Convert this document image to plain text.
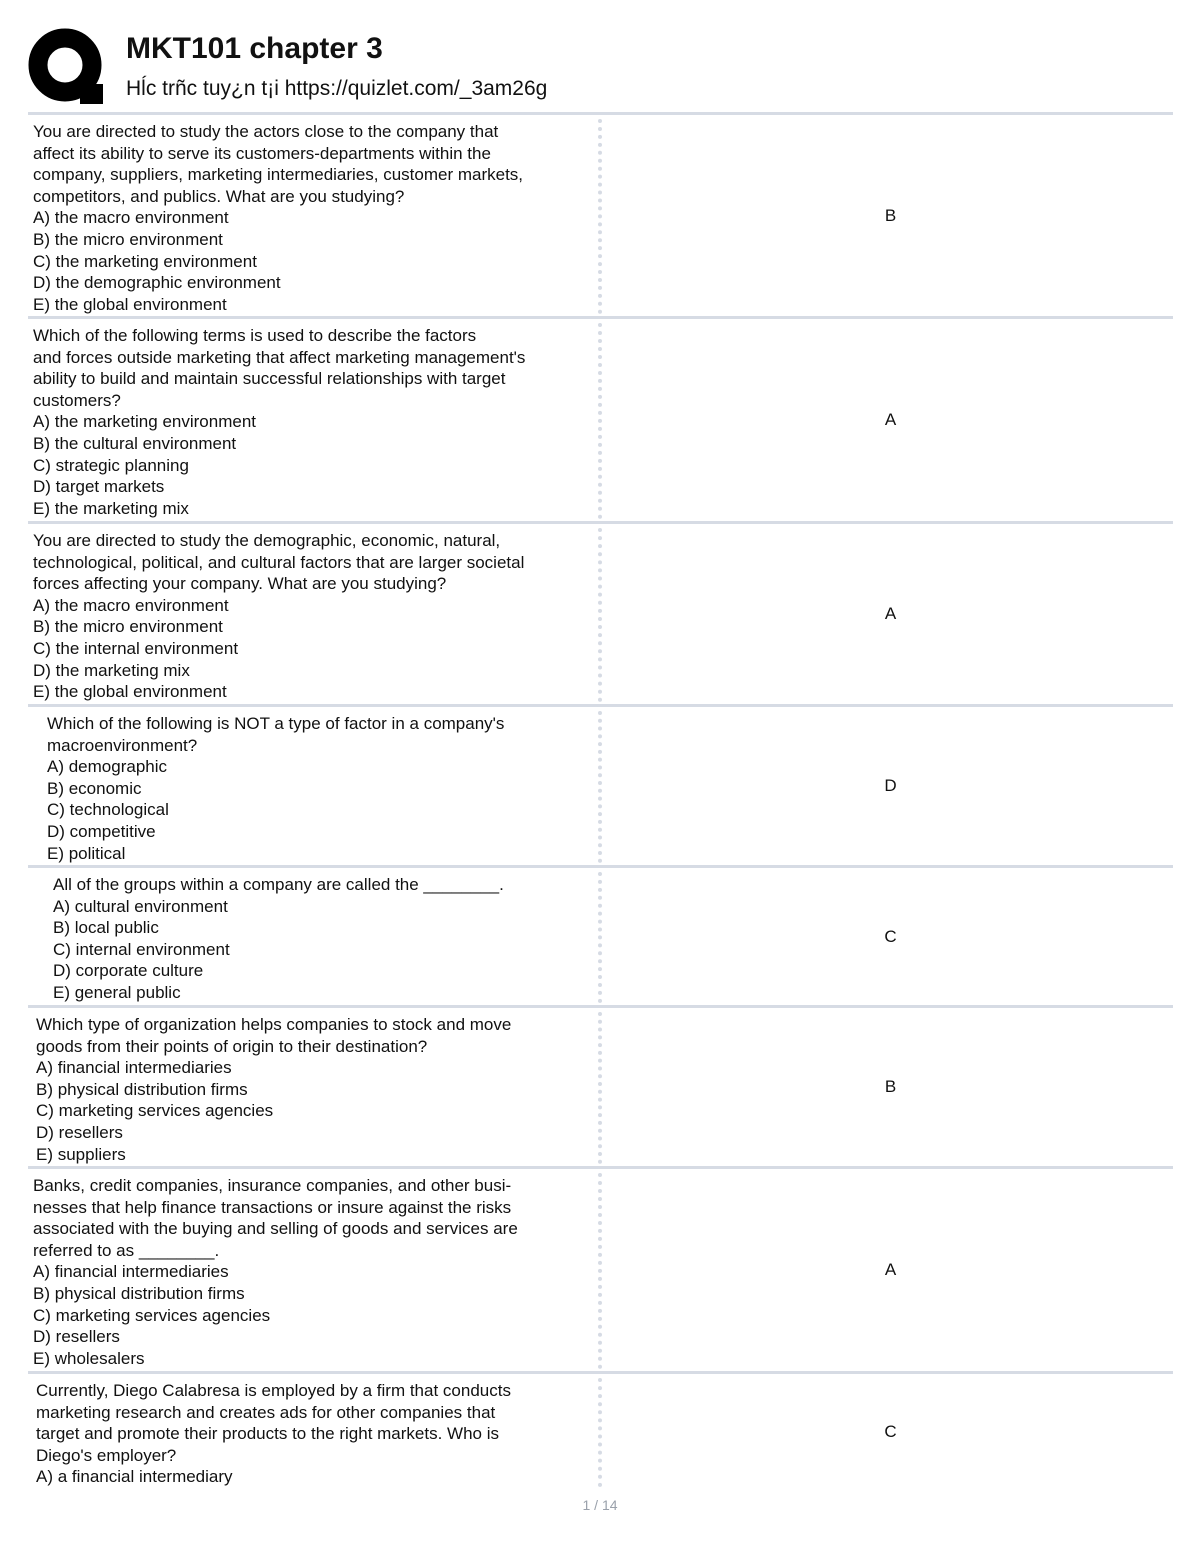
MKT101 chapter 3
Hĺc trñc tuy¿n t¡i https://quizlet.com/_3am26g
You are directed to study the actors close to the company that
affect its ability to serve its customers-departments within the
company, suppliers, marketing intermediaries, customer markets,
competitors, and publics. What are you studying?
A) the macro environment
B) the micro environment
C) the marketing environment
D) the demographic environment
E) the global environment
B
Which of the following terms is used to describe the factors
and forces outside marketing that affect marketing management's
ability to build and maintain successful relationships with target
customers?
A) the marketing environment
B) the cultural environment
C) strategic planning
D) target markets
E) the marketing mix
A
You are directed to study the demographic, economic, natural,
technological, political, and cultural factors that are larger societal
forces affecting your company. What are you studying?
A) the macro environment
B) the micro environment
C) the internal environment
D) the marketing mix
E) the global environment
A
Which of the following is NOT a type of factor in a company's
macroenvironment?
A) demographic
B) economic
C) technological
D) competitive
E) political
D
All of the groups within a company are called the ________.
A) cultural environment
B) local public
C) internal environment
D) corporate culture
E) general public
C
Which type of organization helps companies to stock and move
goods from their points of origin to their destination?
A) financial intermediaries
B) physical distribution firms
C) marketing services agencies
D) resellers
E) suppliers
B
Banks, credit companies, insurance companies, and other busi-
nesses that help finance transactions or insure against the risks
associated with the buying and selling of goods and services are
referred to as ________.
A) financial intermediaries
B) physical distribution firms
C) marketing services agencies
D) resellers
E) wholesalers
A
Currently, Diego Calabresa is employed by a firm that conducts
marketing research and creates ads for other companies that
target and promote their products to the right markets. Who is
Diego's employer?
A) a financial intermediary
C
1 / 14
